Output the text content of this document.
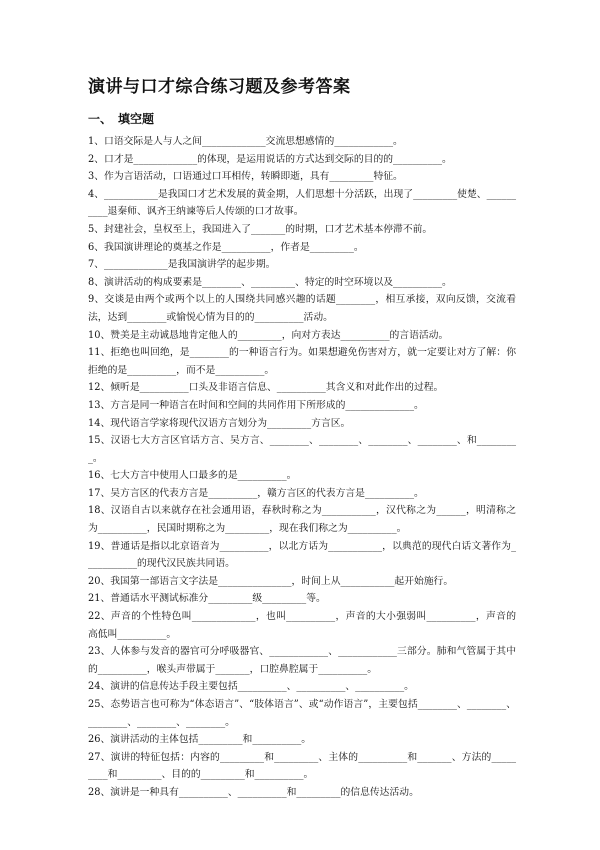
演讲与口才综合练习题及参考答案
一、　填空题
1、口语交际是人与人之间_____________交流思想感情的____________。
2、口才是_____________的体现，是运用说话的方式达到交际的目的的__________。
3、作为言语活动，口语通过口耳相传，转瞬即逝，具有_________特征。
4、___________是我国口才艺术发展的黄金期，人们思想十分活跃，出现了_________使楚、__________退秦师、讽齐王纳谏等后人传颂的口才故事。
5、封建社会，皇权至上，我国进入了_______的时期，口才艺术基本停滞不前。
6、我国演讲理论的奠基之作是__________，作者是_________。
7、_____________是我国演讲学的起步期。
8、演讲活动的构成要素是________、_________、特定的时空环境以及__________。
9、交谈是由两个或两个以上的人围绕共同感兴趣的话题________，相互承接，双向反馈，交流看法，达到________或愉悦心情为目的的__________活动。
10、赞美是主动诚恳地肯定他人的_________，向对方表达__________的言语活动。
11、拒绝也叫回绝，是________的一种语言行为。如果想避免伤害对方，就一定要让对方了解：你拒绝的是__________，而不是__________。
12、倾听是__________口头及非语言信息、__________其含义和对此作出的过程。
13、方言是同一种语言在时间和空间的共同作用下所形成的______________。
14、现代语言学家将现代汉语方言划分为_________方言区。
15、汉语七大方言区官话方言、吴方言、________、________、________、________、和_________。
16、七大方言中使用人口最多的是__________。
17、吴方言区的代表方言是__________，赣方言区的代表方言是__________。
18、汉语自古以来就存在社会通用语，春秋时称之为___________，汉代称之为______，明清称之为__________，民国时期称之为_________，现在我们称之为__________。
19、普通话是指以北京语音为__________，以北方话为___________，以典范的现代白话文著作为___________的现代汉民族共同语。
20、我国第一部语言文字法是_______________，时间上从___________起开始施行。
21、普通话水平测试标准分_________级_________等。
22、声音的个性特色叫_____________，也叫__________，声音的大小强弱叫__________，声音的高低叫__________。
23、人体参与发音的器官可分呼吸器官、____________、____________三部分。肺和气管属于其中的__________，喉头声带属于_______，口腔鼻腔属于__________。
24、演讲的信息传达手段主要包括__________、__________、__________。
25、态势语言也可称为“体态语言”、“肢体语言”、或“动作语言”，主要包括________、________、________、________、________。
26、演讲活动的主体包括_________和__________。
27、演讲的特征包括：内容的_________和_________、主体的__________和_______、方法的_________和_________、目的的_________和__________。
28、演讲是一种具有__________、__________和_________的信息传达活动。
